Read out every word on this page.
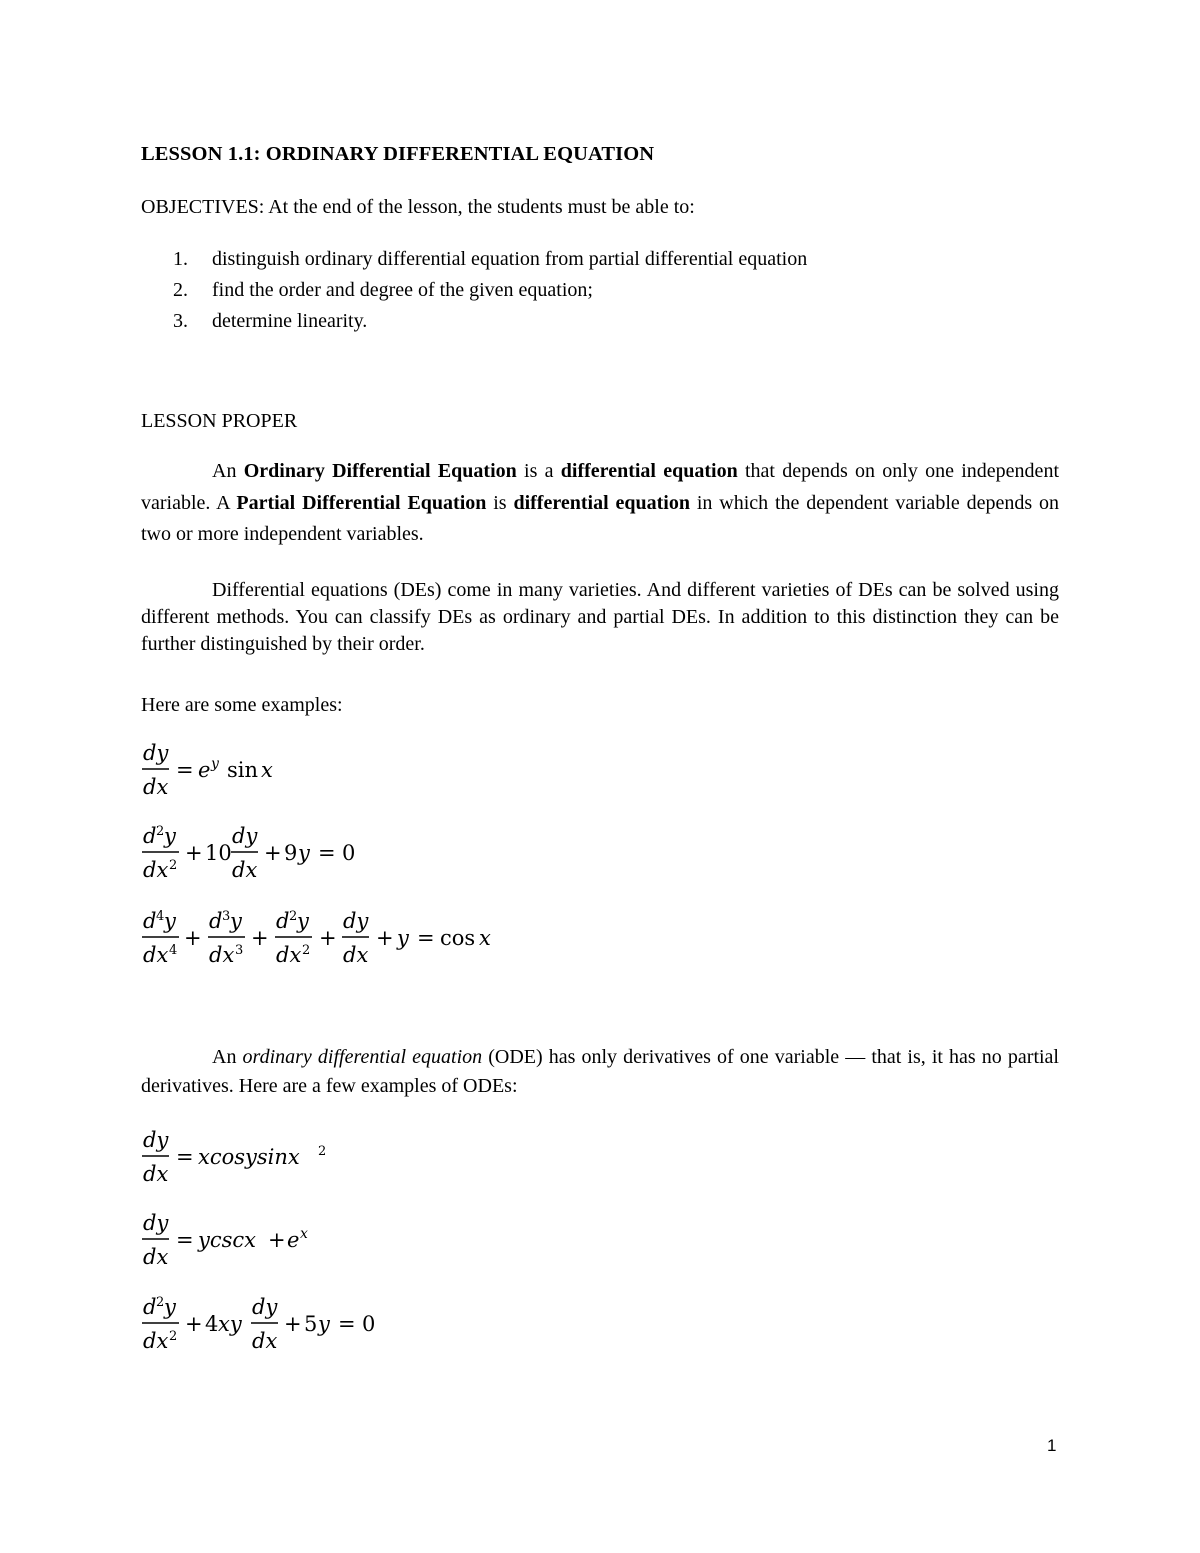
LESSON 1.1: ORDINARY DIFFERENTIAL EQUATION
OBJECTIVES: At the end of the lesson, the students must be able to:
1. distinguish ordinary differential equation from partial differential equation
2. find the order and degree of the given equation;
3. determine linearity.
LESSON PROPER

An Ordinary Differential Equation is a differential equation that depends on only one independent variable. A Partial Differential Equation is differential equation in which the dependent variable depends on two or more independent variables.

Differential equations (DEs) come in many varieties. And different varieties of DEs can be solved using different methods. You can classify DEs as ordinary and partial DEs. In addition to this distinction they can be further distinguished by their order.

Here are some examples:

dy
dx
= e y sin x
d 2 y
dx 2
+ 10
dy
dx
+ 9 y = 0
d 4 y
dx 4
+
d 3 y
dx 3
+
d 2 y
dx 2
+
dy
dx
+ y = cos x

An ordinary differential equation (ODE) has only derivatives of one variable — that is, it has no partial derivatives. Here are a few examples of ODEs:

dy
dx
= xcosysinx 2
dy
dx
= ycscx + e x
d 2 y
dx 2
+ 4 xy
dy
dx
+ 5 y = 0
1
